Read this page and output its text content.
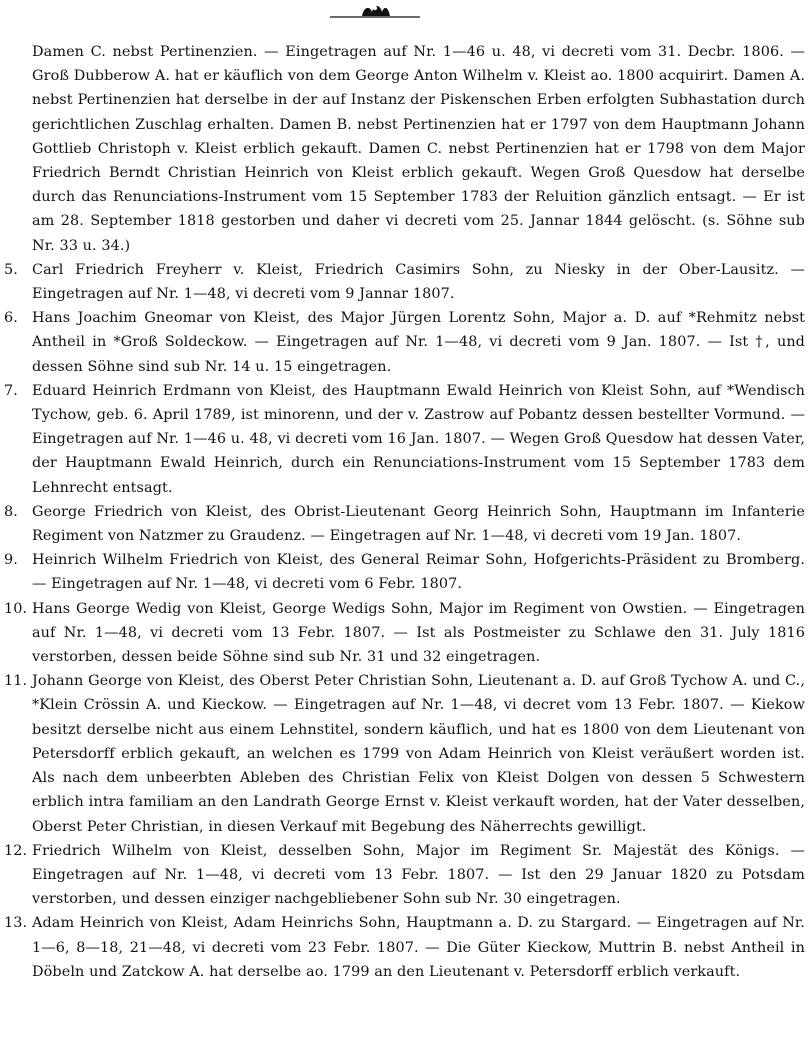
Damen C. nebst Pertinenzien. — Eingetragen auf Nr. 1—46 u. 48, vi decreti vom 31. Decbr. 1806. — Groß Dubberow A. hat er käuflich von dem George Anton Wilhelm v. Kleist ao. 1800 acquirirt. Damen A. nebst Pertinenzien hat derselbe in der auf Instanz der Piskenschen Erben erfolgten Subhastation durch gerichtlichen Zuschlag erhalten. Damen B. nebst Pertinenzien hat er 1797 von dem Hauptmann Johann Gottlieb Christoph v. Kleist erblich gekauft. Damen C. nebst Pertinenzien hat er 1798 von dem Major Friedrich Berndt Christian Heinrich von Kleist erblich gekauft. Wegen Groß Quesdow hat derselbe durch das Renunciations-Instrument vom 15 September 1783 der Reluition gänzlich entsagt. — Er ist am 28. September 1818 gestorben und daher vi decreti vom 25. Jannar 1844 gelöscht. (s. Söhne sub Nr. 33 u. 34.)

5. Carl Friedrich Freyherr v. Kleist, Friedrich Casimirs Sohn, zu Niesky in der Ober-Lausitz. — Eingetragen auf Nr. 1—48, vi decreti vom 9 Jannar 1807.

6. Hans Joachim Gneomar von Kleist, des Major Jürgen Lorentz Sohn, Major a. D. auf *Rehmitz nebst Antheil in *Groß Soldeckow. — Eingetragen auf Nr. 1—48, vi decreti vom 9 Jan. 1807. — Ist †, und dessen Söhne sind sub Nr. 14 u. 15 eingetragen.

7. Eduard Heinrich Erdmann von Kleist, des Hauptmann Ewald Heinrich von Kleist Sohn, auf *Wendisch Tychow, geb. 6. April 1789, ist minorenn, und der v. Zastrow auf Pobantz dessen bestellter Vormund. — Eingetragen auf Nr. 1—46 u. 48, vi decreti vom 16 Jan. 1807. — Wegen Groß Quesdow hat dessen Vater, der Hauptmann Ewald Heinrich, durch ein Renunciations-Instrument vom 15 September 1783 dem Lehnrecht entsagt.

8. George Friedrich von Kleist, des Obrist-Lieutenant Georg Heinrich Sohn, Hauptmann im Infanterie Regiment von Natzmer zu Graudenz. — Eingetragen auf Nr. 1—48, vi decreti vom 19 Jan. 1807.

9. Heinrich Wilhelm Friedrich von Kleist, des General Reimar Sohn, Hofgerichts-Präsident zu Bromberg. — Eingetragen auf Nr. 1—48, vi decreti vom 6 Febr. 1807.

10. Hans George Wedig von Kleist, George Wedigs Sohn, Major im Regiment von Owstien. — Eingetragen auf Nr. 1—48, vi decreti vom 13 Febr. 1807. — Ist als Postmeister zu Schlawe den 31. July 1816 verstorben, dessen beide Söhne sind sub Nr. 31 und 32 eingetragen.

11. Johann George von Kleist, des Oberst Peter Christian Sohn, Lieutenant a. D. auf Groß Tychow A. und C., *Klein Crössin A. und Kieckow. — Eingetragen auf Nr. 1—48, vi decret vom 13 Febr. 1807. — Kiekow besitzt derselbe nicht aus einem Lehnstitel, sondern käuflich, und hat es 1800 von dem Lieutenant von Petersdorff erblich gekauft, an welchen es 1799 von Adam Heinrich von Kleist veräußert worden ist. Als nach dem unbeerbten Ableben des Christian Felix von Kleist Dolgen von dessen 5 Schwestern erblich intra familiam an den Landrath George Ernst v. Kleist verkauft worden, hat der Vater desselben, Oberst Peter Christian, in diesen Verkauf mit Begebung des Näherrechts gewilligt.

12. Friedrich Wilhelm von Kleist, desselben Sohn, Major im Regiment Sr. Majestät des Königs. — Eingetragen auf Nr. 1—48, vi decreti vom 13 Febr. 1807. — Ist den 29 Januar 1820 zu Potsdam verstorben, und dessen einziger nachgebliebener Sohn sub Nr. 30 eingetragen.

13. Adam Heinrich von Kleist, Adam Heinrichs Sohn, Hauptmann a. D. zu Stargard. — Eingetragen auf Nr. 1—6, 8—18, 21—48, vi decreti vom 23 Febr. 1807. — Die Güter Kieckow, Muttrin B. nebst Antheil in Döbeln und Zatckow A. hat derselbe ao. 1799 an den Lieutenant v. Petersdorff erblich verkauft.
